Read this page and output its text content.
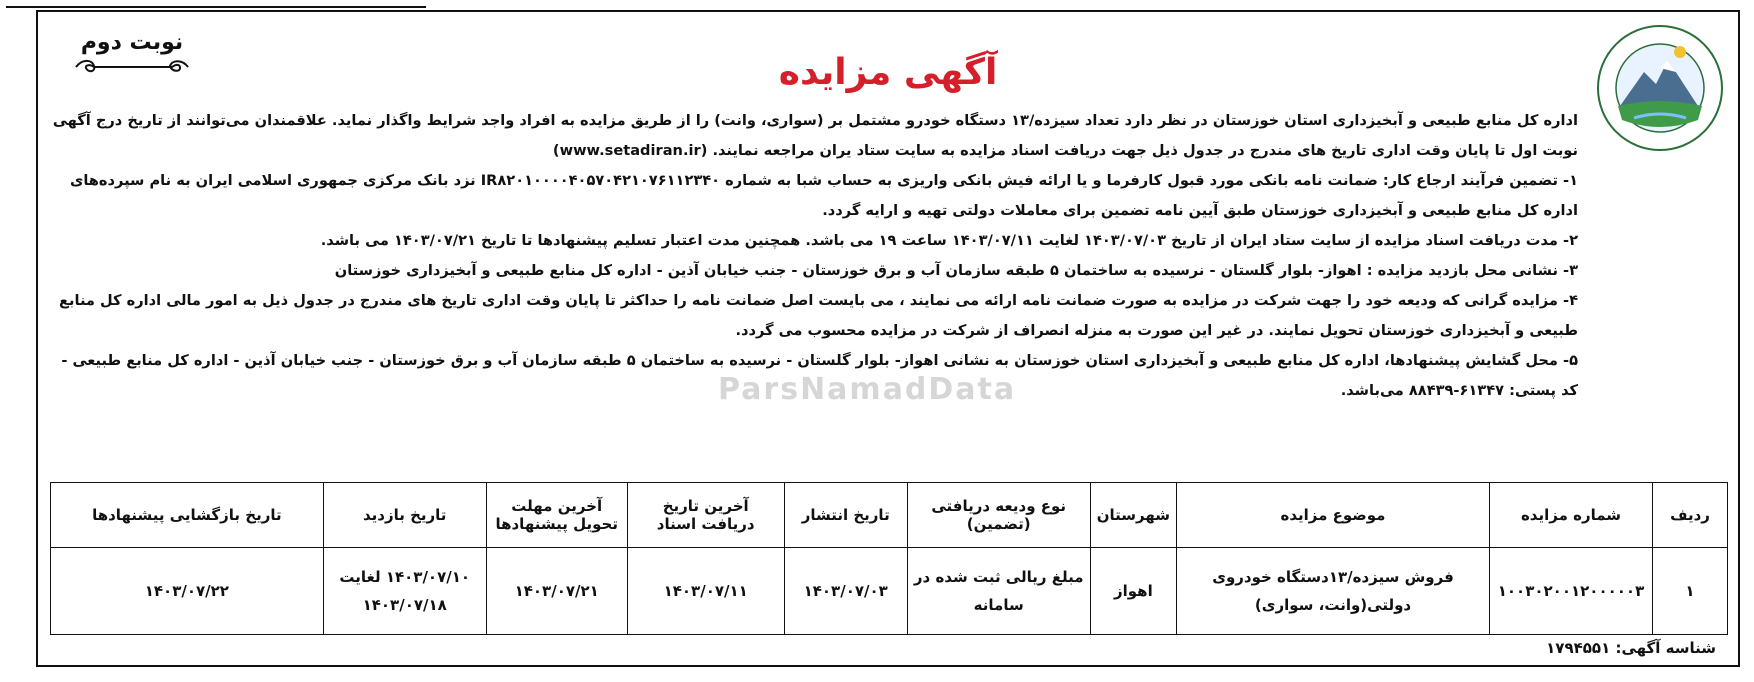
نوبت دوم
آگهی مزایده
ParsNamadData

اداره کل منابع طبیعی و آبخیزداری استان خوزستان در نظر دارد تعداد سیزده/۱۳ دستگاه خودرو مشتمل بر (سواری، وانت) را از طریق مزایده به افراد واجد شرایط واگذار نماید. علاقمندان می‌توانند از تاریخ درج آگهی نوبت اول تا پایان وقت اداری تاریخ های مندرج در جدول ذیل جهت دریافت اسناد مزایده به سایت ستاد یران مراجعه نمایند. (www.setadiran.ir)

۱- تضمین فرآیند ارجاع کار: ضمانت نامه بانکی مورد قبول کارفرما و یا ارائه فیش بانکی واریزی به حساب شبا به شماره IR۸۲۰۱۰۰۰۰۴۰۵۷۰۴۲۱۰۷۶۱۱۲۳۴۰ نزد بانک مرکزی جمهوری اسلامی ایران به نام سپرده‌های اداره کل منابع طبیعی و آبخیزداری خوزستان طبق آیین نامه تضمین برای معاملات دولتی تهیه و ارایه گردد.

۲- مدت دریافت اسناد مزایده از سایت ستاد ایران از تاریخ ۱۴۰۳/۰۷/۰۳ لغایت ۱۴۰۳/۰۷/۱۱ ساعت ۱۹ می باشد. همچنین مدت اعتبار تسلیم پیشنهادها تا تاریخ ۱۴۰۳/۰۷/۲۱ می باشد.

۳- نشانی محل بازدید مزایده : اهواز- بلوار گلستان - نرسیده به ساختمان ۵ طبقه سازمان آب و برق خوزستان - جنب خیابان آذین - اداره کل منابع طبیعی و آبخیزداری خوزستان

۴- مزایده گرانی که ودیعه خود را جهت شرکت در مزایده به صورت ضمانت نامه ارائه می نمایند ، می بایست اصل ضمانت نامه را حداکثر تا پایان وقت اداری تاریخ های مندرج در جدول ذیل به امور مالی اداره کل منابع طبیعی و آبخیزداری خوزستان تحویل نمایند. در غیر این صورت به منزله انصراف از شرکت در مزایده محسوب می گردد.

۵- محل گشایش پیشنهادها، اداره کل منابع طبیعی و آبخیزداری استان خوزستان به نشانی اهواز- بلوار گلستان - نرسیده به ساختمان ۵ طبقه سازمان آب و برق خوزستان - جنب خیابان آذین - اداره کل منابع طبیعی - کد پستی: ۶۱۳۴۷-۸۸۴۳۹ می‌باشد.

ردیف	شماره مزایده	موضوع مزایده	شهرستان	نوع ودیعه دریافتی (تضمین)	تاریخ انتشار	آخرین تاریخ دریافت اسناد	آخرین مهلت تحویل پیشنهادها	تاریخ بازدید	تاریخ بازگشایی پیشنهادها
۱	۱۰۰۳۰۲۰۰۱۲۰۰۰۰۰۳	فروش سیزده/۱۳دستگاه خودروی دولتی(وانت، سواری)	اهواز	مبلغ ریالی ثبت شده در سامانه	۱۴۰۳/۰۷/۰۳	۱۴۰۳/۰۷/۱۱	۱۴۰۳/۰۷/۲۱	۱۴۰۳/۰۷/۱۰ لغایت ۱۴۰۳/۰۷/۱۸	۱۴۰۳/۰۷/۲۲
شناسه آگهی: ۱۷۹۴۵۵۱
